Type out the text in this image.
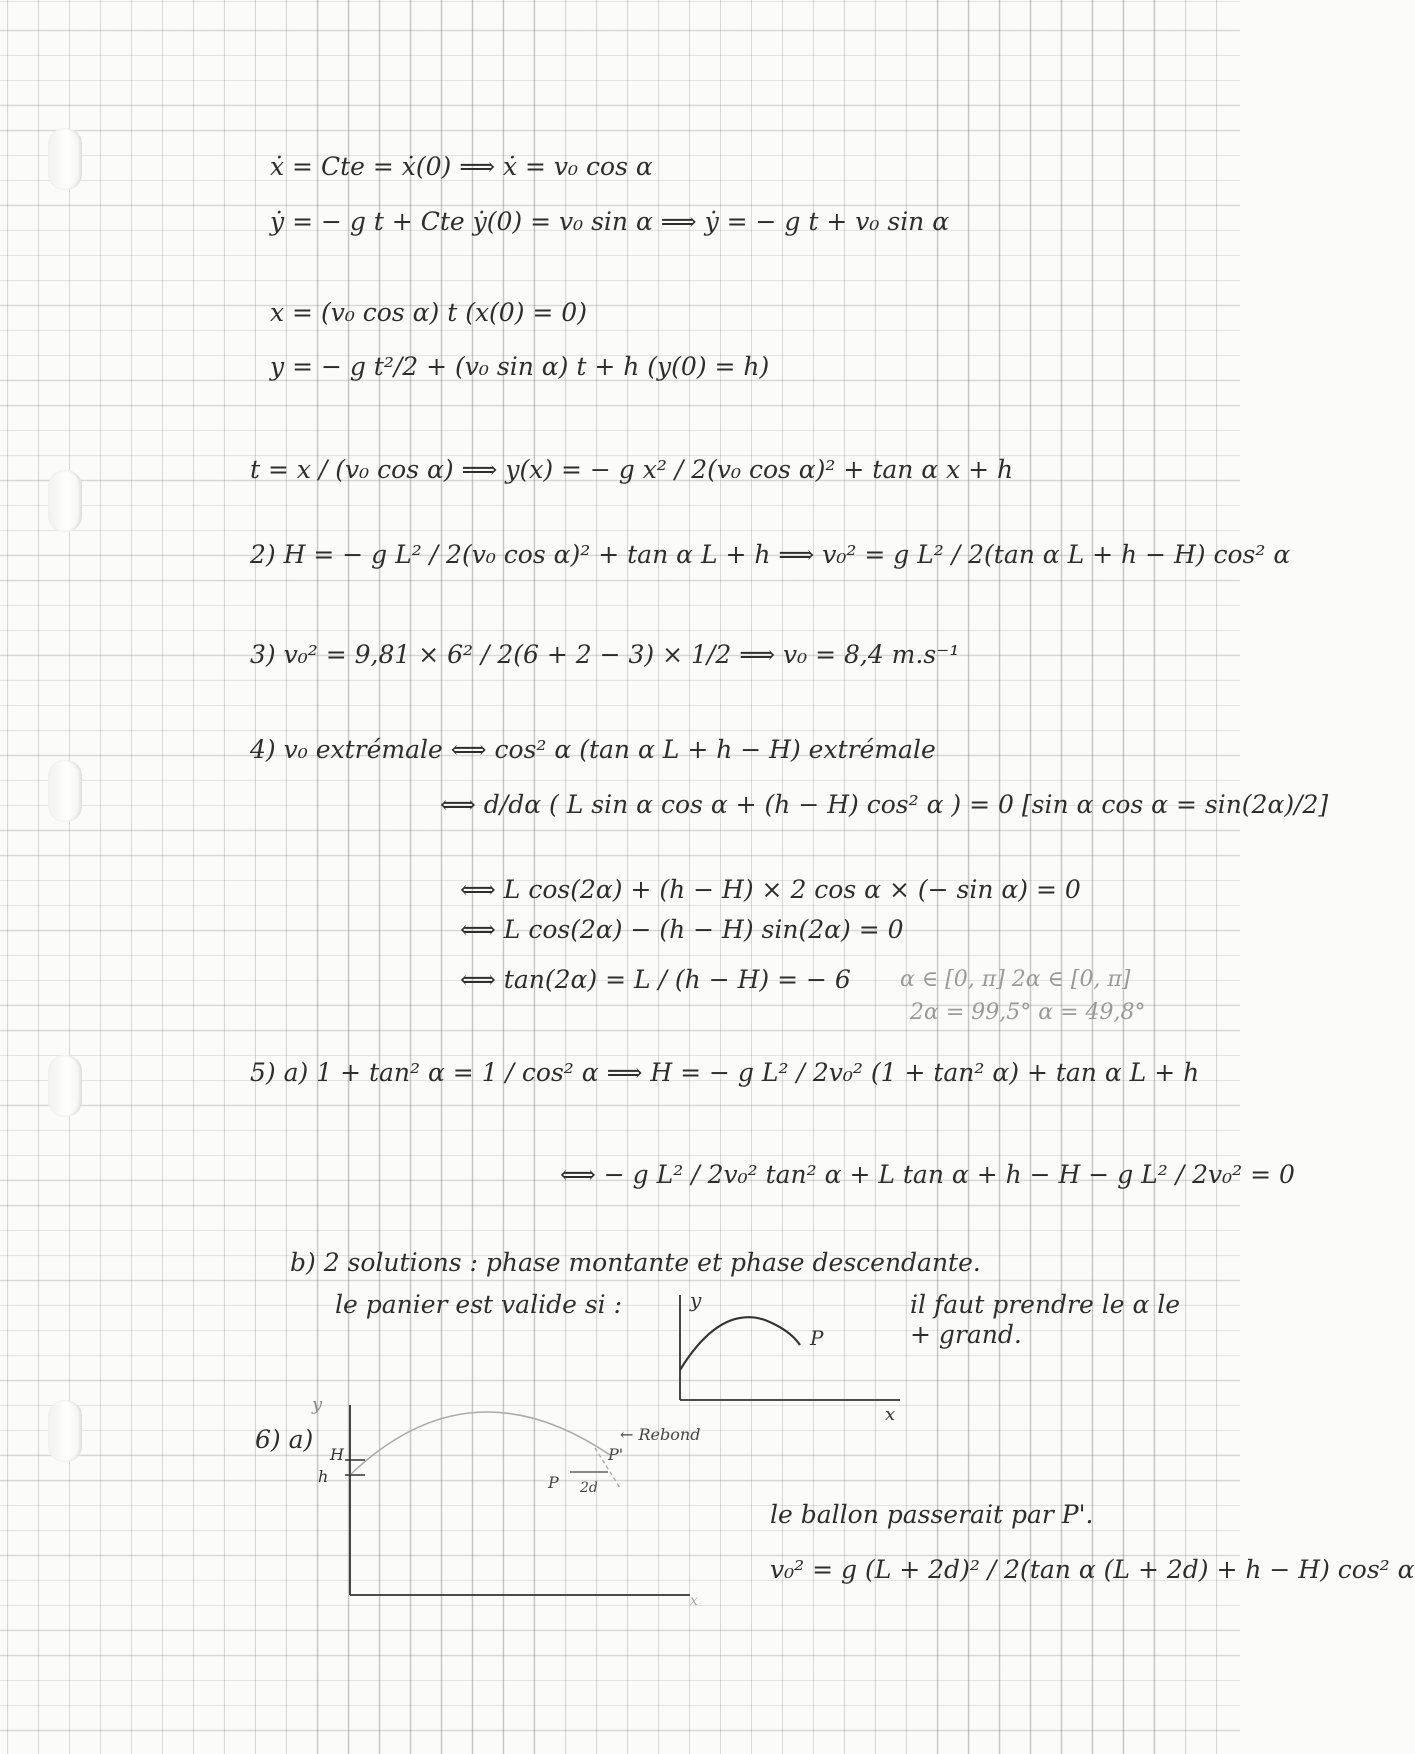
ẋ = Cte = ẋ(0) ⟹ ẋ = v₀ cos α
ẏ = − g t + Cte ẏ(0) = v₀ sin α ⟹ ẏ = − g t + v₀ sin α
x = (v₀ cos α) t (x(0) = 0)
y = − g t²/2 + (v₀ sin α) t + h (y(0) = h)
t = x / (v₀ cos α) ⟹ y(x) = − g x² / 2(v₀ cos α)² + tan α x + h
2) H = − g L² / 2(v₀ cos α)² + tan α L + h ⟹ v₀² = g L² / 2(tan α L + h − H) cos² α
3) v₀² = 9,81 × 6² / 2(6 + 2 − 3) × 1/2 ⟹ v₀ = 8,4 m.s⁻¹
4) v₀ extrémale ⟺ cos² α (tan α L + h − H) extrémale
⟺ d/dα ( L sin α cos α + (h − H) cos² α ) = 0 [sin α cos α = sin(2α)/2]
⟺ L cos(2α) + (h − H) × 2 cos α × (− sin α) = 0
⟺ L cos(2α) − (h − H) sin(2α) = 0
⟺ tan(2α) = L / (h − H) = − 6 α ∈ [0, π] 2α ∈ [0, π]
2α = 99,5° α = 49,8°
5) a) 1 + tan² α = 1 / cos² α ⟹ H = − g L² / 2v₀² (1 + tan² α) + tan α L + h
⟺ − g L² / 2v₀² tan² α + L tan α + h − H − g L² / 2v₀² = 0
b) 2 solutions : phase montante et phase descendante.
le panier est valide si :	il faut prendre le α le + grand.
y
x
P
6) a)
y
H
h
← Rebond
P
P'
2d
x
le ballon passerait par P'.
v₀² = g (L + 2d)² / 2(tan α (L + 2d) + h − H) cos² α
